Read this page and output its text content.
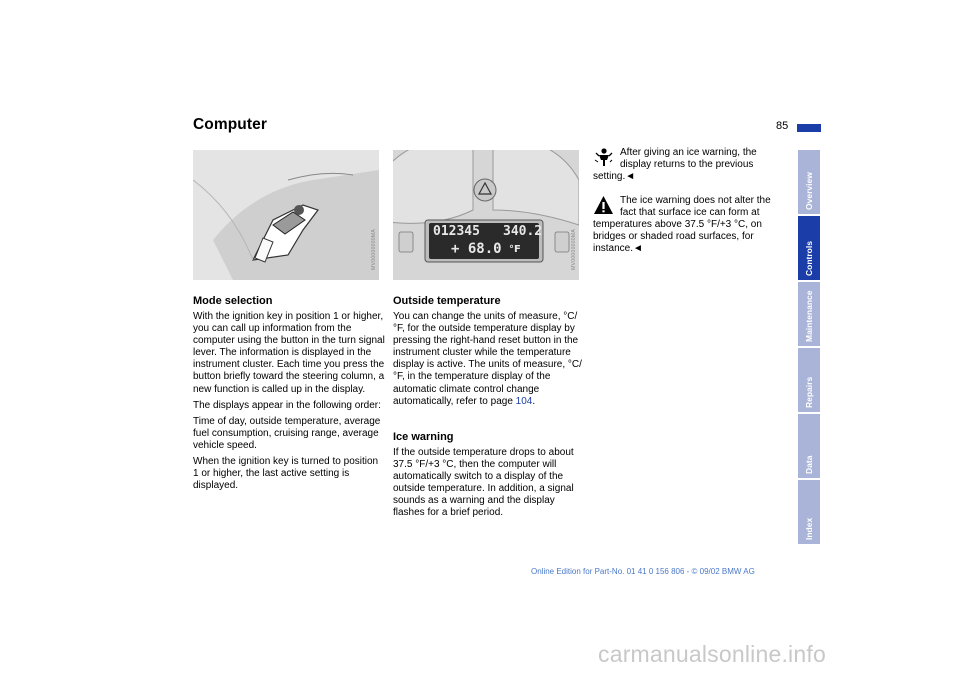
Computer	85
MV00000000MA	012345 340.2
+ 68.0 °F	MV00000000MA
Mode selection

With the ignition key in position 1 or higher, you can call up information from the computer using the button in the turn signal lever. The information is displayed in the instrument cluster. Each time you press the button briefly toward the steering column, a new function is called up in the display.

The displays appear in the following order:

Time of day, outside temperature, average fuel consumption, cruising range, average vehicle speed.

When the ignition key is turned to position 1 or higher, the last active setting is displayed.

Outside temperature

You can change the units of measure, °C/°F, for the outside temperature display by pressing the right-hand reset button in the instrument cluster while the temperature display is active. The units of measure, °C/°F, in the temperature display of the automatic climate control change automatically, refer to page 104.

Ice warning

If the outside temperature drops to about 37.5 °F/+3 °C, then the computer will automatically switch to a display of the outside temperature. In addition, a signal sounds as a warning and the display flashes for a brief period.

After giving an ice warning, the display returns to the previous setting.◄

The ice warning does not alter the fact that surface ice can form at temperatures above 37.5 °F/+3 °C, on bridges or shaded road surfaces, for instance.◄

Overview
Controls
Maintenance
Repairs
Data
Index
Online Edition for Part-No. 01 41 0 156 806 - © 09/02 BMW AG
carmanualsonline.info
